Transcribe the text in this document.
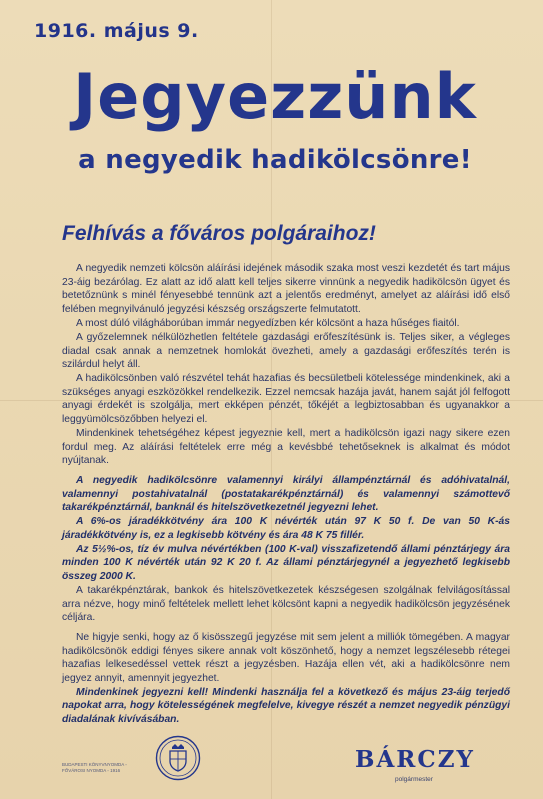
1916. május 9.
Jegyezzünk
a negyedik hadikölcsönre!
Felhívás a főváros polgáraihoz!

A negyedik nemzeti kölcsön aláírási idejének második szaka most veszi kezdetét és tart május 23-áig bezárólag. Ez alatt az idő alatt kell teljes sikerre vinnünk a negyedik hadikölcsön ügyet és betetőznünk s minél fényesebbé tennünk azt a jelentős eredményt, amelyet az aláírási idő első felében megnyilvánuló jegyzési készség országszerte felmutatott.

A most dúló világháborúban immár negyedízben kér kölcsönt a haza hűséges fiaitól.

A győzelemnek nélkülözhetlen feltétele gazdasági erőfeszítésünk is. Teljes siker, a végleges diadal csak annak a nemzetnek homlokát övezheti, amely a gazdasági erőfeszítés terén is szilárdul helyt áll.

A hadikölcsönben való részvétel tehát hazafias és becsületbeli kötelessége mindenkinek, aki a szükséges anyagi eszközökkel rendelkezik. Ezzel nemcsak hazája javát, hanem saját jól felfogott anyagi érdekét is szolgálja, mert ekképen pénzét, tőkéjét a legbiztosabban és ugyanakkor a leggyümölcsözőbben helyezi el.

Mindenkinek tehetségéhez képest jegyeznie kell, mert a hadikölcsön igazi nagy sikere ezen fordul meg. Az aláírási feltételek erre még a kevésbbé tehetőseknek is alkalmat és módot nyújtanak.

A negyedik hadikölcsönre valamennyi királyi állampénztárnál és adóhivatalnál, valamennyi postahivatalnál (postatakarékpénztárnál) és valamennyi számottevő takarékpénztárnál, banknál és hitelszövetkezetnél jegyezni lehet.

A 6%-os járadékkötvény ára 100 K névérték után 97 K 50 f. De van 50 K-ás járadékkötvény is, ez a legkisebb kötvény és ára 48 K 75 fillér.

Az 5½%-os, tíz év mulva névértékben (100 K-val) visszafizetendő állami pénztárjegy ára minden 100 K névérték után 92 K 20 f. Az állami pénztárjegynél a jegyezhető legkisebb összeg 2000 K.

A takarékpénztárak, bankok és hitelszövetkezetek készségesen szolgálnak felvilágosítással arra nézve, hogy minő feltételek mellett lehet kölcsönt kapni a negyedik hadikölcsön jegyzésének céljára.

Ne higyje senki, hogy az ő kisösszegű jegyzése mit sem jelent a milliók tömegében. A magyar hadikölcsönök eddigi fényes sikere annak volt köszönhető, hogy a nemzet legszélesebb rétegei hazafias lelkesedéssel vettek részt a jegyzésben. Hazája ellen vét, aki a hadikölcsönre nem jegyez annyit, amennyit jegyezhet.

Mindenkinek jegyezni kell! Mindenki használja fel a következő és május 23-áig terjedő napokat arra, hogy kötelességének megfelelve, kivegye részét a nemzet negyedik pénzügyi diadalának kivívásában.

BUDAPESTI KÖNYVNYOMDA ◦ FŐVÁROSI NYOMDA ◦ 1916	BÁRCZY
polgármester
